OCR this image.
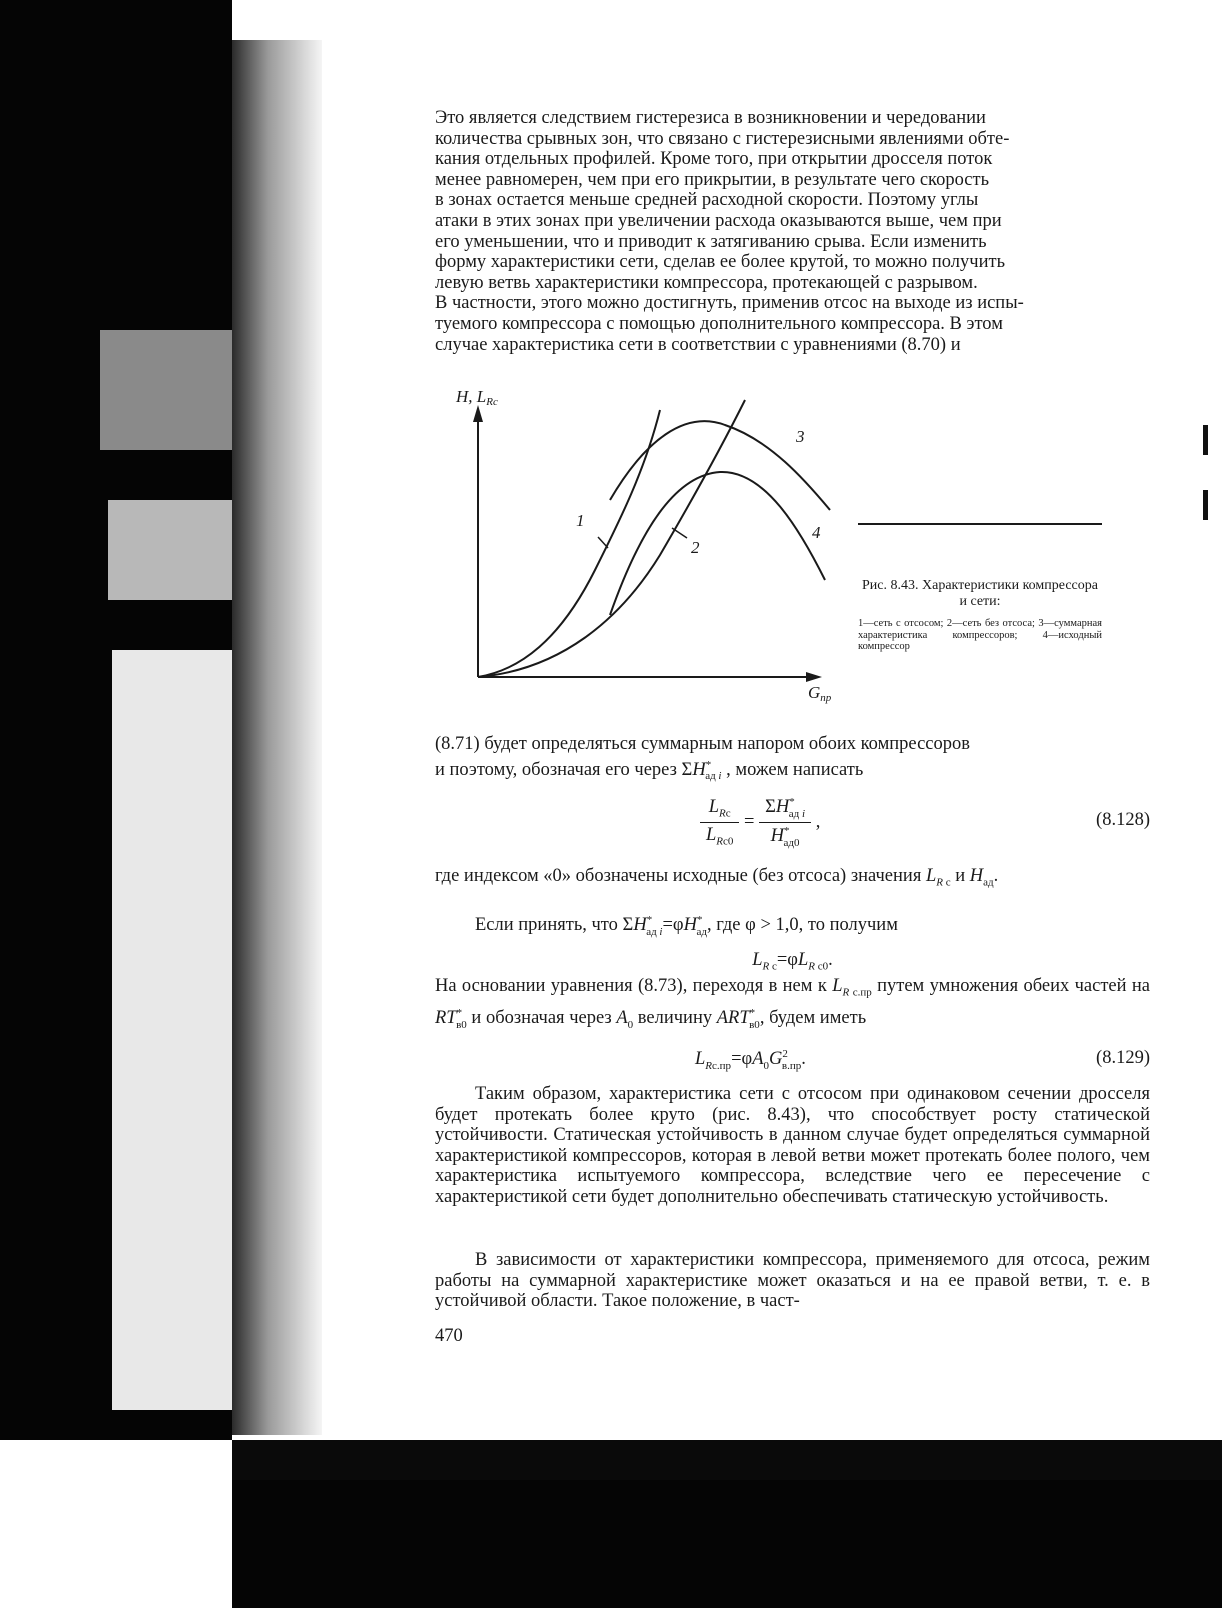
Это является следствием гистерезиса в возникновении и чередовании

количества срывных зон, что связано с гистерезисными явлениями обте-

кания отдельных профилей. Кроме того, при открытии дросселя поток

менее равномерен, чем при его прикрытии, в результате чего скорость

в зонах остается меньше средней расходной скорости. Поэтому углы

атаки в этих зонах при увеличении расхода оказываются выше, чем при

его уменьшении, что и приводит к затягиванию срыва. Если изменить

форму характеристики сети, сделав ее более крутой, то можно получить

левую ветвь характеристики компрессора, протекающей с разрывом.

В частности, этого можно достигнуть, применив отсос на выходе из испы-

туемого компрессора с помощью дополнительного компрессора. В этом

случае характеристика сети в соответствии с уравнениями (8.70) и

H, LRc
Gпр
1
2
3
4
Рис. 8.43. Характеристики компрессора и сети:
1—сеть с отсосом; 2—сеть без отсоса; 3—суммарная характеристика компрессоров; 4—исходный компрессор

(8.71) будет определяться суммарным напором обоих компрессоров

и поэтому, обозначая его через $\Sigma H^*_{ад i}$ , можем написать

$\frac{L_{Rc}}{L_{Rc0}} = \frac{\Sigma H^*_{ад i}}{H^*_{ад0}}$ ,	(8.128)

где индексом «0» обозначены исходные (без отсоса) значения $L_{R c}$ и $H_{ад}$.

Если принять, что $\Sigma H^*_{ад i}=\varphi H^*_{ад}$, где φ > 1,0, то получим

$L_{R c}=\varphi L_{R c0}$.

На основании уравнения (8.73), переходя в нем к $L_{R с.пр}$ путем умножения обеих частей на $RT^*_{в0}$ и обозначая через $A_0$ величину $ART^*_{в0}$, будем иметь

$L_{Rс.пр}=\varphi A_0G^2_{в.пр}$.	(8.129)

Таким образом, характеристика сети с отсосом при одинаковом сечении дросселя будет протекать более круто (рис. 8.43), что способствует росту статической устойчивости. Статическая устойчивость в данном случае будет определяться суммарной характеристикой компрессоров, которая в левой ветви может протекать более полого, чем характеристика испытуемого компрессора, вследствие чего ее пересечение с характеристикой сети будет дополнительно обеспечивать статическую устойчивость.

В зависимости от характеристики компрессора, применяемого для отсоса, режим работы на суммарной характеристике может оказаться и на ее правой ветви, т. е. в устойчивой области. Такое положение, в част-

470
